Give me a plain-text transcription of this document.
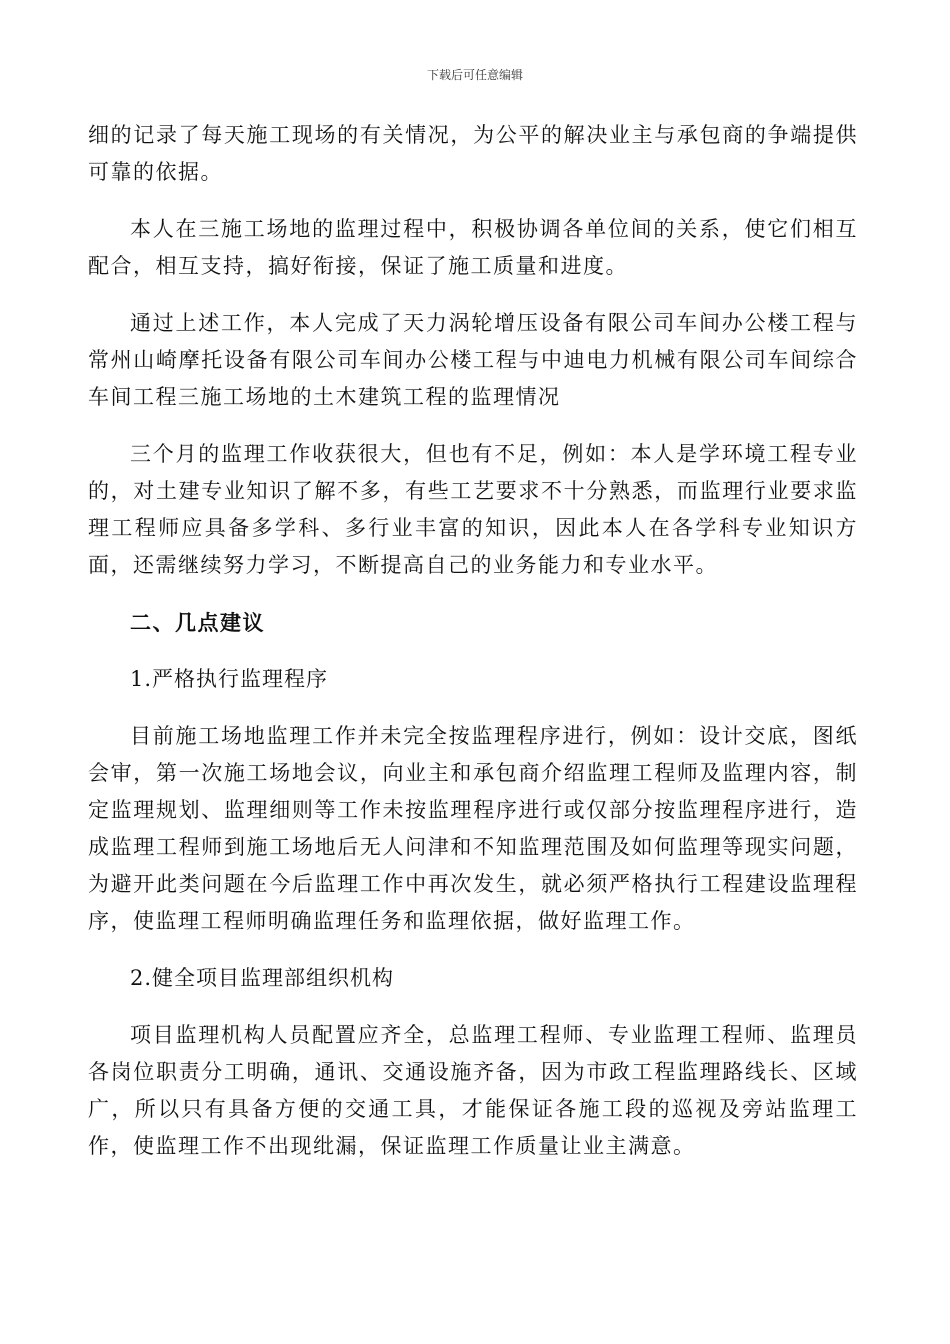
下载后可任意编辑

细的记录了每天施工现场的有关情况，为公平的解决业主与承包商的争端提供可靠的依据。

本人在三施工场地的监理过程中，积极协调各单位间的关系，使它们相互配合，相互支持，搞好衔接，保证了施工质量和进度。

通过上述工作，本人完成了天力涡轮增压设备有限公司车间办公楼工程与常州山崎摩托设备有限公司车间办公楼工程与中迪电力机械有限公司车间综合车间工程三施工场地的土木建筑工程的监理情况

三个月的监理工作收获很大，但也有不足，例如：本人是学环境工程专业的，对土建专业知识了解不多，有些工艺要求不十分熟悉，而监理行业要求监理工程师应具备多学科、多行业丰富的知识，因此本人在各学科专业知识方面，还需继续努力学习，不断提高自己的业务能力和专业水平。

二、几点建议

1.严格执行监理程序

目前施工场地监理工作并未完全按监理程序进行，例如：设计交底，图纸会审，第一次施工场地会议，向业主和承包商介绍监理工程师及监理内容，制定监理规划、监理细则等工作未按监理程序进行或仅部分按监理程序进行，造成监理工程师到施工场地后无人问津和不知监理范围及如何监理等现实问题，为避开此类问题在今后监理工作中再次发生，就必须严格执行工程建设监理程序，使监理工程师明确监理任务和监理依据，做好监理工作。

2.健全项目监理部组织机构

项目监理机构人员配置应齐全，总监理工程师、专业监理工程师、监理员各岗位职责分工明确，通讯、交通设施齐备，因为市政工程监理路线长、区域广，所以只有具备方便的交通工具，才能保证各施工段的巡视及旁站监理工作，使监理工作不出现纰漏，保证监理工作质量让业主满意。
